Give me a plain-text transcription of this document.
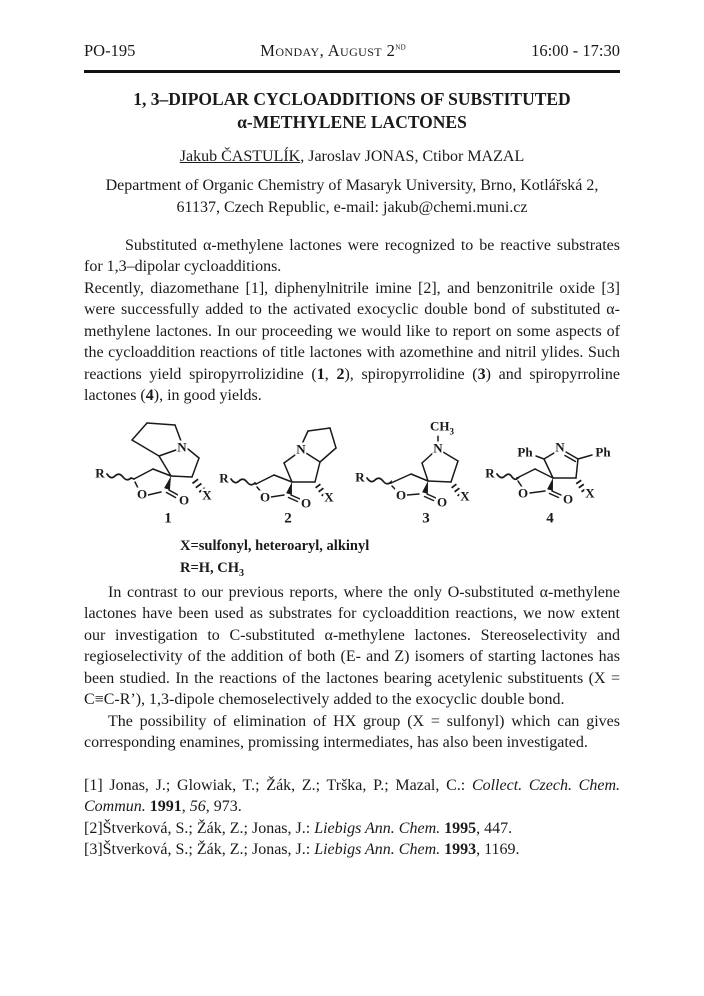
PO-195	Monday, August 2nd	16:00 - 17:30
1, 3–DIPOLAR CYCLOADDITIONS OF SUBSTITUTED
α-METHYLENE LACTONES

Jakub ČASTULÍK, Jaroslav JONAS, Ctibor MAZAL

Department of Organic Chemistry of Masaryk University, Brno, Kotlářská 2,
61137, Czech Republic, e-mail: jakub@chemi.muni.cz

Substituted α-methylene lactones were recognized to be reactive substrates for 1,3–dipolar cycloadditions.

Recently, diazomethane [1], diphenylnitrile imine [2], and benzonitrile oxide [3] were successfully added to the activated exocyclic double bond of substituted α-methylene lactones. In our proceeding we would like to report on some aspects of the cycloaddition reactions of title lactones with azomethine and nitril ylides. Such reactions yield spiropyrrolizidine (1, 2), spiropyrrolidine (3) and spiropyrroline lactones (4), in good yields.

R
O O
N
X
1
R
O O
N
X
2
R
O O
N
$CH_3$
X
3
R
O	O
N
Ph	Ph
X
4
X=sulfonyl, heteroaryl, alkinyl
R=H, $CH_3$

In contrast to our previous reports, where the only O-substituted α-methylene lactones have been used as substrates for cycloaddition reactions, we now extent our investigation to C-substituted α-methylene lactones. Stereoselectivity and regioselectivity of the addition of both (E- and Z) isomers of starting lactones has been studied. In the reactions of the lactones bearing acetylenic substituents (X = C≡C-R’), 1,3-dipole chemoselectively added to the exocyclic double bond.

The possibility of elimination of HX group (X = sulfonyl) which can gives corresponding enamines, promissing intermediates, has also been investigated.

[1] Jonas, J.; Glowiak, T.; Žák, Z.; Trška, P.; Mazal, C.: Collect. Czech. Chem. Commun. 1991, 56, 973.

[2]Štverková, S.; Žák, Z.; Jonas, J.: Liebigs Ann. Chem. 1995, 447.

[3]Štverková, S.; Žák, Z.; Jonas, J.: Liebigs Ann. Chem. 1993, 1169.
